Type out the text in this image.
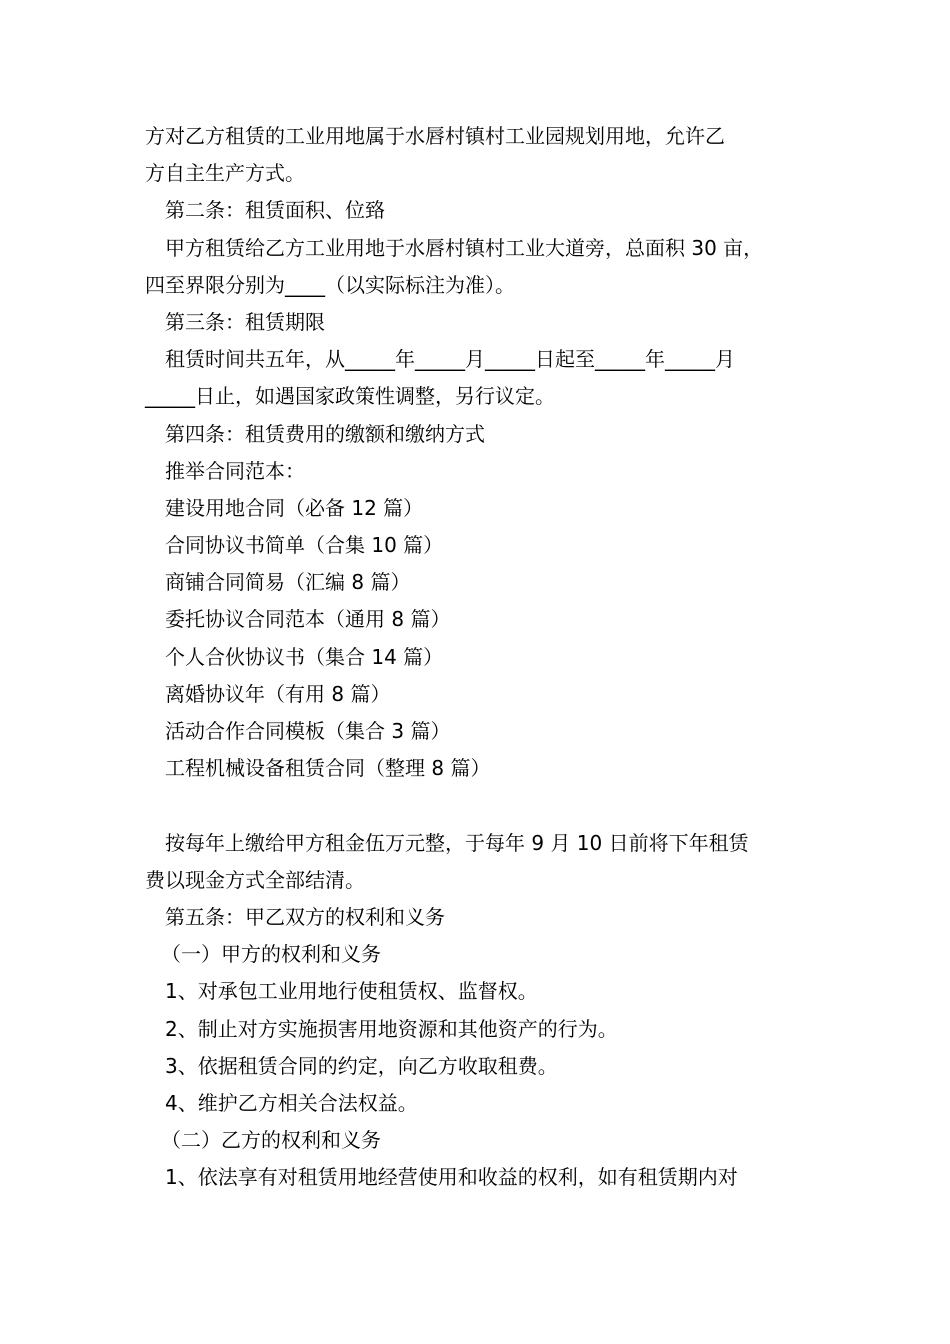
方对乙方租赁的工业用地属于水唇村镇村工业园规划用地，允许乙
方自主生产方式。
第二条：租赁面积、位臵
甲方租赁给乙方工业用地于水唇村镇村工业大道旁，总面积 30 亩，
四至界限分别为____（以实际标注为准）。
第三条：租赁期限
租赁时间共五年，从_____年_____月_____日起至_____年_____月
_____日止，如遇国家政策性调整，另行议定。
第四条：租赁费用的缴额和缴纳方式
推举合同范本：
建设用地合同（必备 12 篇）
合同协议书简单（合集 10 篇）
商铺合同简易（汇编 8 篇）
委托协议合同范本（通用 8 篇）
个人合伙协议书（集合 14 篇）
离婚协议年（有用 8 篇）
活动合作合同模板（集合 3 篇）
工程机械设备租赁合同（整理 8 篇）
按每年上缴给甲方租金伍万元整，于每年 9 月 10 日前将下年租赁
费以现金方式全部结清。
第五条：甲乙双方的权利和义务
（一）甲方的权利和义务
1、对承包工业用地行使租赁权、监督权。
2、制止对方实施损害用地资源和其他资产的行为。
3、依据租赁合同的约定，向乙方收取租费。
4、维护乙方相关合法权益。
（二）乙方的权利和义务
1、依法享有对租赁用地经营使用和收益的权利，如有租赁期内对
